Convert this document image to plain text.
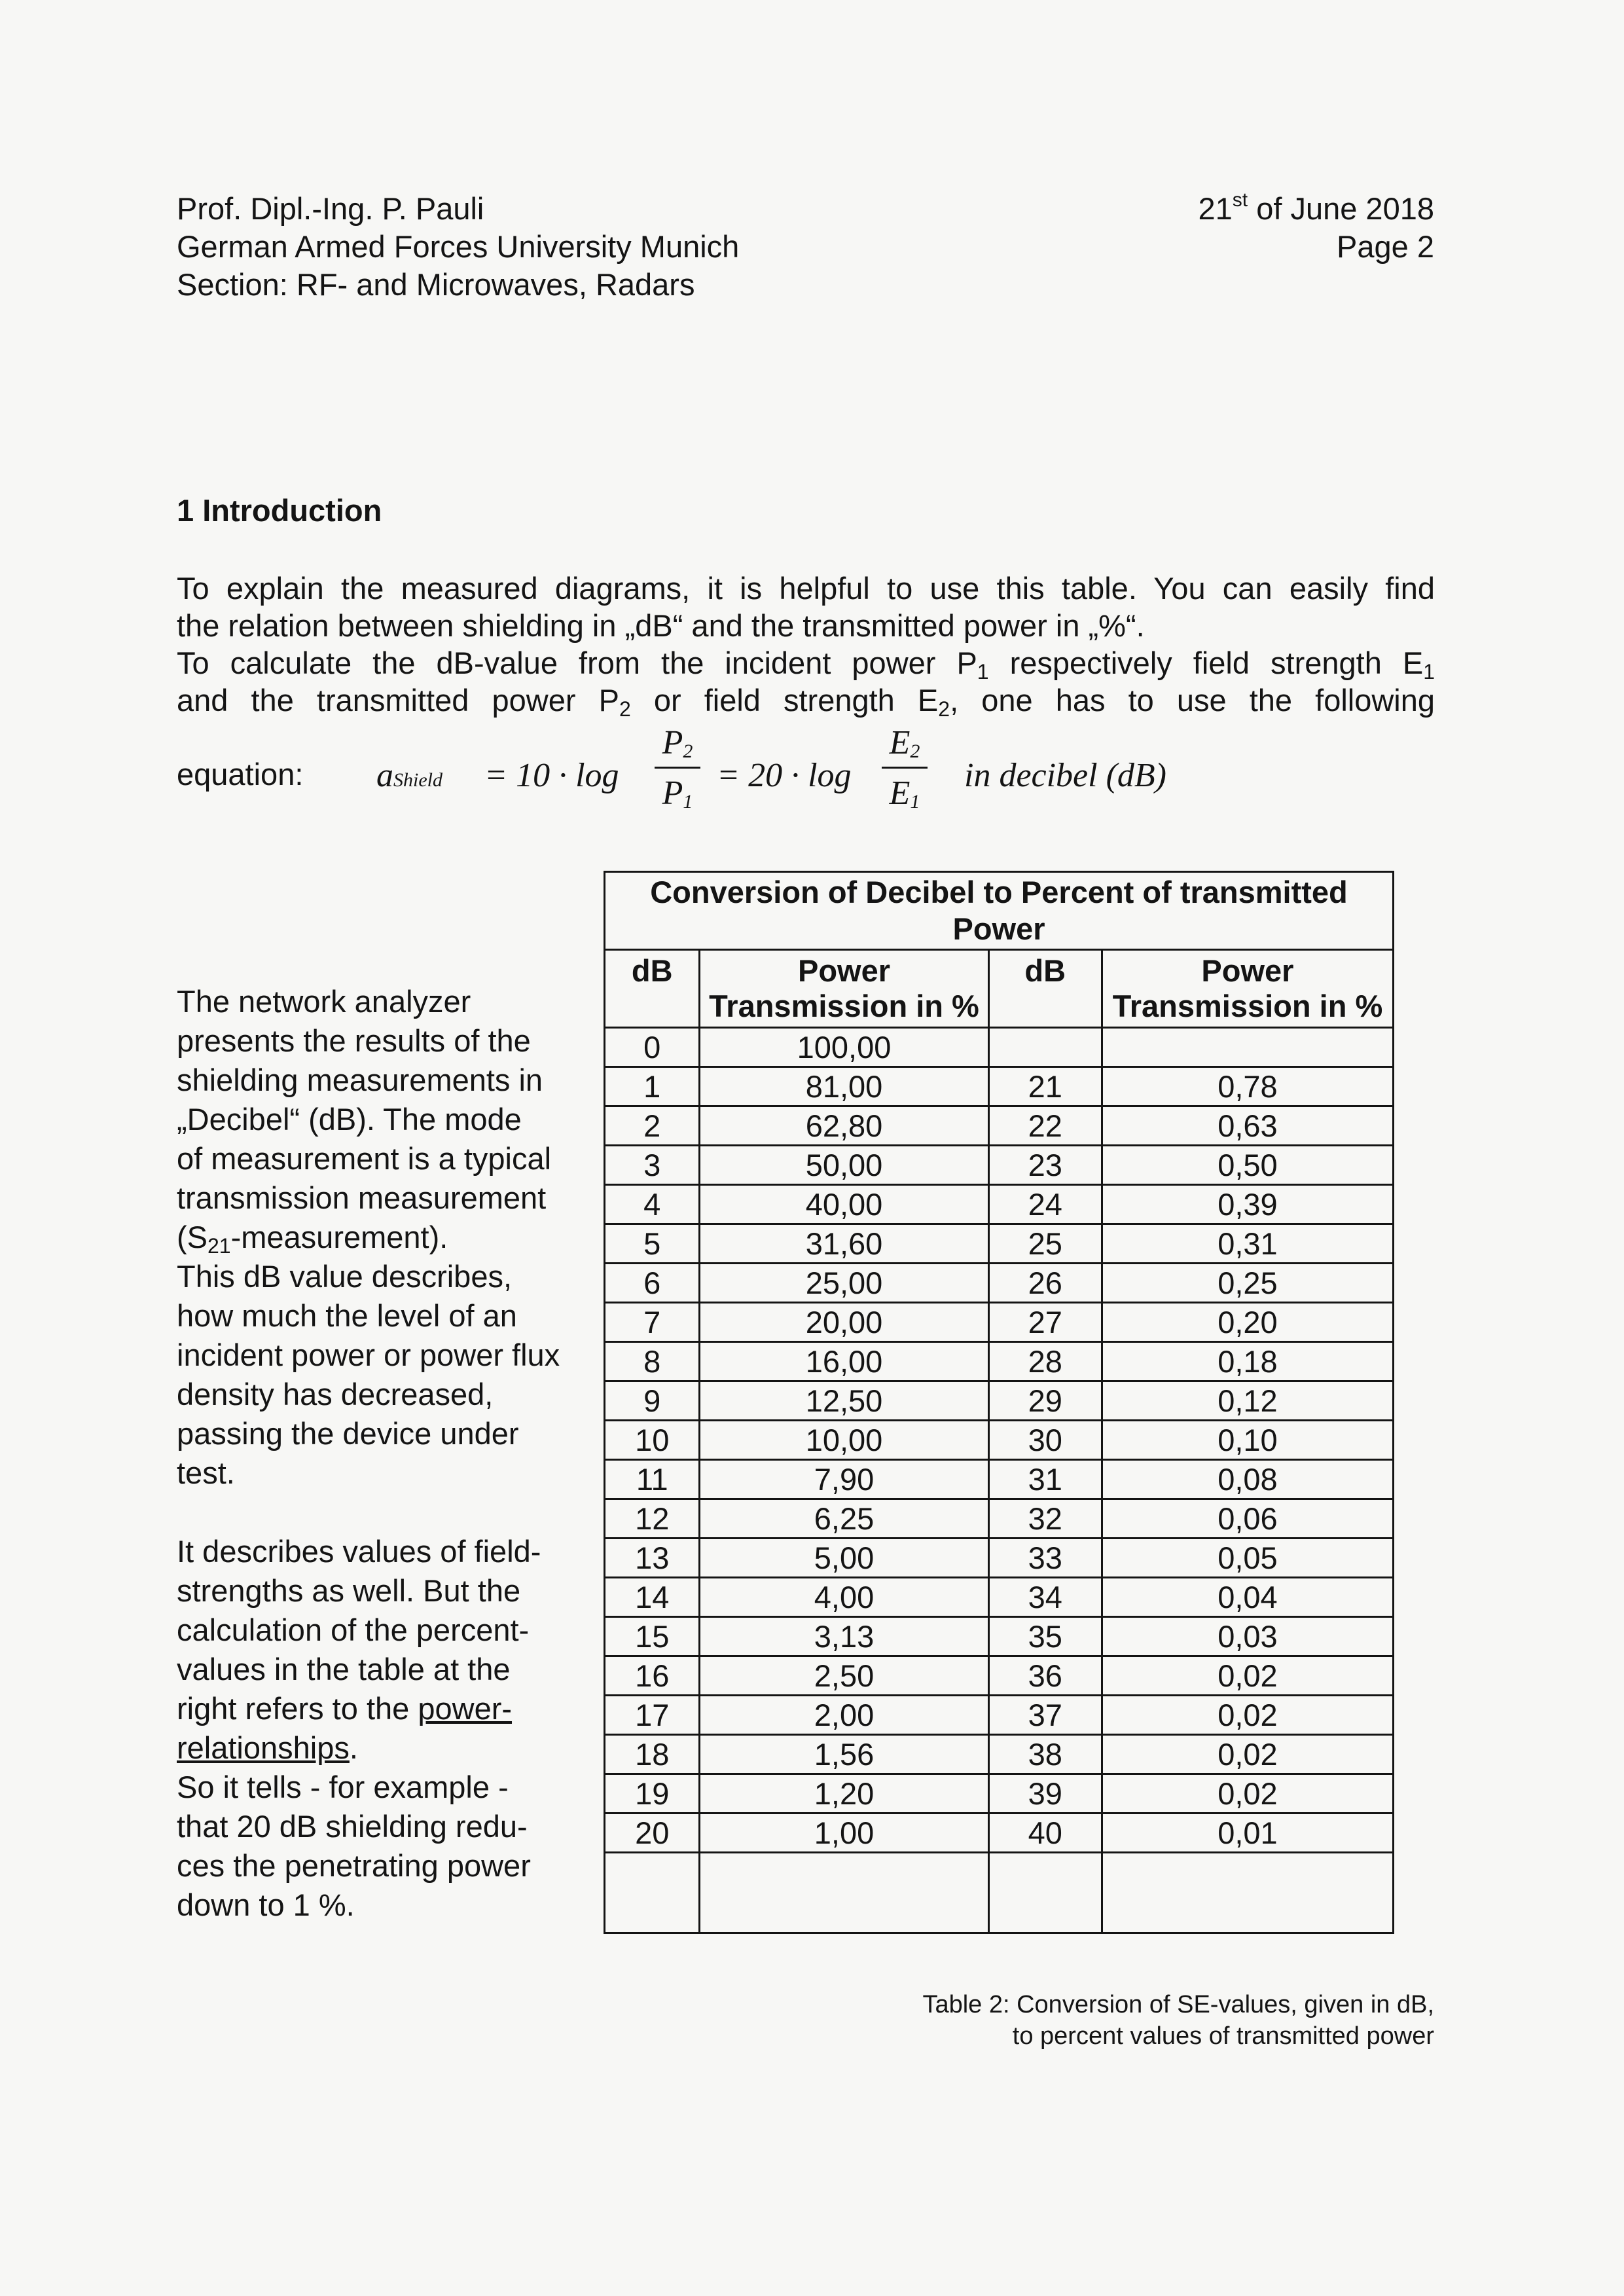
Prof. Dipl.-Ing. P. Pauli
German Armed Forces University Munich
Section: RF- and Microwaves, Radars
21st of June 2018
Page 2
1 Introduction

To explain the measured diagrams, it is helpful to use this table. You can easily find

the relation between shielding in „dB“ and the transmitted power in „%“.

To calculate the dB-value from the incident power $P_1$ respectively field strength $E_1$

and the transmitted power $P_2$ or field strength $E_2$, one has to use the following

equation: aShield = 10 · log
$P_2$
$P_1$
= 20 · log
$E_2$
$E_1$
in decibel (dB)

The network analyzer

presents the results of the

shielding measurements in

„Decibel“ (dB). The mode

of measurement is a typical

transmission measurement

$(S_{21}-measurement)$.

This dB value describes,

how much the level of an

incident power or power flux

density has decreased,

passing the device under

test.

It describes values of field-

strengths as well. But the

calculation of the percent-

values in the table at the

right refers to the power-

relationships.

So it tells - for example -

that 20 dB shielding redu-

ces the penetrating power

down to 1 %.

Conversion of Decibel to Percent of transmitted Power			
dB	Power
Transmission in %	dB	Power
Transmission in %
0	100,00		
1	81,00	21	0,78
2	62,80	22	0,63
3	50,00	23	0,50
4	40,00	24	0,39
5	31,60	25	0,31
6	25,00	26	0,25
7	20,00	27	0,20
8	16,00	28	0,18
9	12,50	29	0,12
10	10,00	30	0,10
11	7,90	31	0,08
12	6,25	32	0,06
13	5,00	33	0,05
14	4,00	34	0,04
15	3,13	35	0,03
16	2,50	36	0,02
17	2,00	37	0,02
18	1,56	38	0,02
19	1,20	39	0,02
20	1,00	40	0,01

Table 2: Conversion of SE-values, given in dB,
to percent values of transmitted power
